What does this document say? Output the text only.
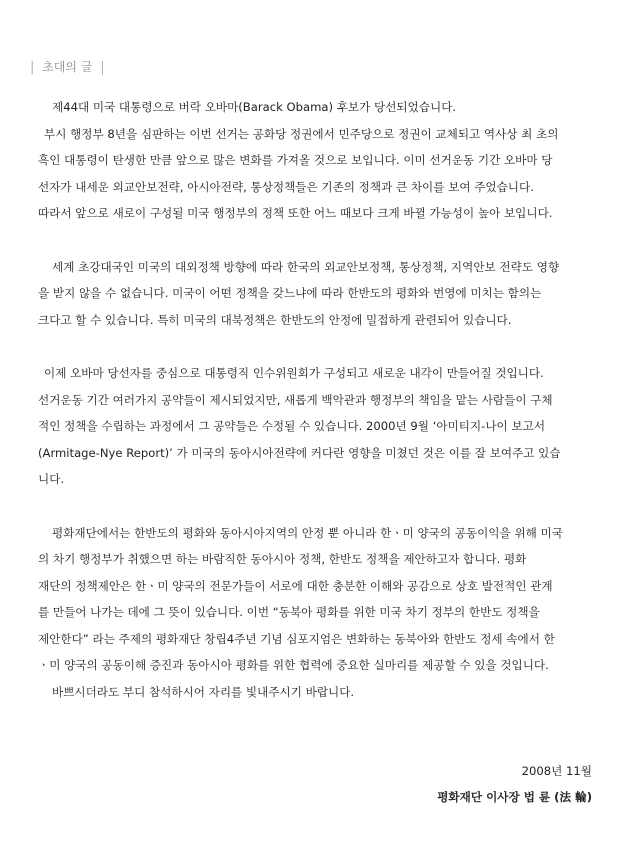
| 초대의 글 |
제44대 미국 대통령으로 버락 오바마(Barack Obama) 후보가 당선되었습니다.
부시 행정부 8년을 심판하는 이번 선거는 공화당 정권에서 민주당으로 정권이 교체되고 역사상 최 초의
흑인 대통령이 탄생한 만큼 앞으로 많은 변화를 가져올 것으로 보입니다. 이미 선거운동 기간 오바마 당
선자가 내세운 외교안보전략, 아시아전략, 통상정책들은 기존의 정책과 큰 차이를 보여 주었습니다.
따라서 앞으로 새로이 구성될 미국 행정부의 정책 또한 어느 때보다 크게 바뀔 가능성이 높아 보입니다.
세계 초강대국인 미국의 대외정책 방향에 따라 한국의 외교안보정책, 통상정책, 지역안보 전략도 영향
을 받지 않을 수 없습니다. 미국이 어떤 정책을 갖느냐에 따라 한반도의 평화와 번영에 미치는 함의는
크다고 할 수 있습니다. 특히 미국의 대북정책은 한반도의 안정에 밀접하게 관련되어 있습니다.
이제 오바마 당선자를 중심으로 대통령직 인수위원회가 구성되고 새로운 내각이 만들어질 것입니다.
선거운동 기간 여러가지 공약들이 제시되었지만, 새롭게 백악관과 행정부의 책임을 맡는 사람들이 구체
적인 정책을 수립하는 과정에서 그 공약들은 수정될 수 있습니다. 2000년 9월 ‘아미티지-나이 보고서
(Armitage-Nye Report)’ 가 미국의 동아시아전략에 커다란 영향을 미쳤던 것은 이를 잘 보여주고 있습
니다.
평화재단에서는 한반도의 평화와 동아시아지역의 안정 뿐 아니라 한ㆍ미 양국의 공동이익을 위해 미국
의 차기 행정부가 취했으면 하는 바람직한 동아시아 정책, 한반도 정책을 제안하고자 합니다. 평화
재단의 정책제안은 한ㆍ미 양국의 전문가들이 서로에 대한 충분한 이해와 공감으로 상호 발전적인 관계
를 만들어 나가는 데에 그 뜻이 있습니다. 이번 “동북아 평화를 위한 미국 차기 정부의 한반도 정책을
제안한다” 라는 주제의 평화재단 창립4주년 기념 심포지엄은 변화하는 동북아와 한반도 정세 속에서 한
ㆍ미 양국의 공동이해 증진과 동아시아 평화를 위한 협력에 중요한 실마리를 제공할 수 있을 것입니다.
바쁘시더라도 부디 참석하시어 자리를 빛내주시기 바랍니다.
2008년 11월
평화재단 이사장 법 륜 (法 輪)
